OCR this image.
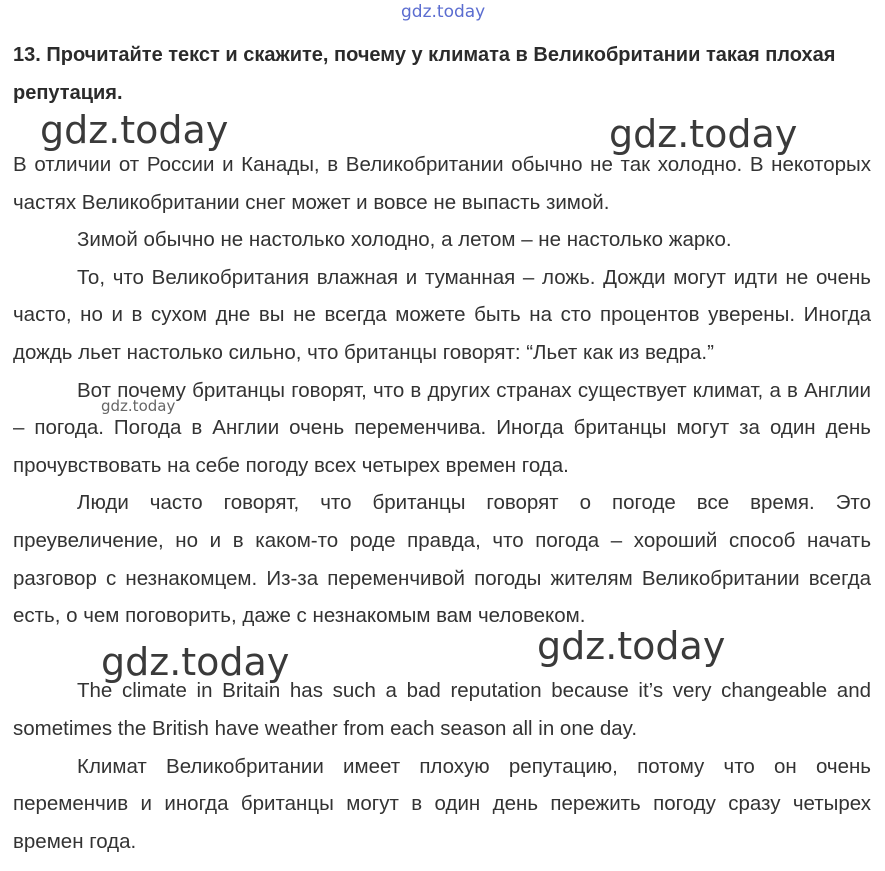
gdz.today
13. Прочитайте текст и скажите, почему у климата в Великобритании такая плохая репутация.

В отличии от России и Канады, в Великобритании обычно не так холодно. В некоторых частях Великобритании снег может и вовсе не выпасть зимой.

Зимой обычно не настолько холодно, а летом – не настолько жарко.

То, что Великобритания влажная и туманная – ложь. Дожди могут идти не очень часто, но и в сухом дне вы не всегда можете быть на сто процентов уверены. Иногда дождь льет настолько сильно, что британцы говорят: “Льет как из ведра.”

Вот почему британцы говорят, что в других странах существует климат, а в Англии – погода. Погода в Англии очень переменчива. Иногда британцы могут за один день прочувствовать на себе погоду всех четырех времен года.

Люди часто говорят, что британцы говорят о погоде все время. Это преувеличение, но и в каком-то роде правда, что погода – хороший способ начать разговор с незнакомцем. Из-за переменчивой погоды жителям Великобритании всегда есть, о чем поговорить, даже с незнакомым вам человеком.

The climate in Britain has such a bad reputation because it’s very changeable and sometimes the British have weather from each season all in one day.

Климат Великобритании имеет плохую репутацию, потому что он очень переменчив и иногда британцы могут в один день пережить погоду сразу четырех времен года.

gdz.today	gdz.today
gdz.today
gdz.today	gdz.today
